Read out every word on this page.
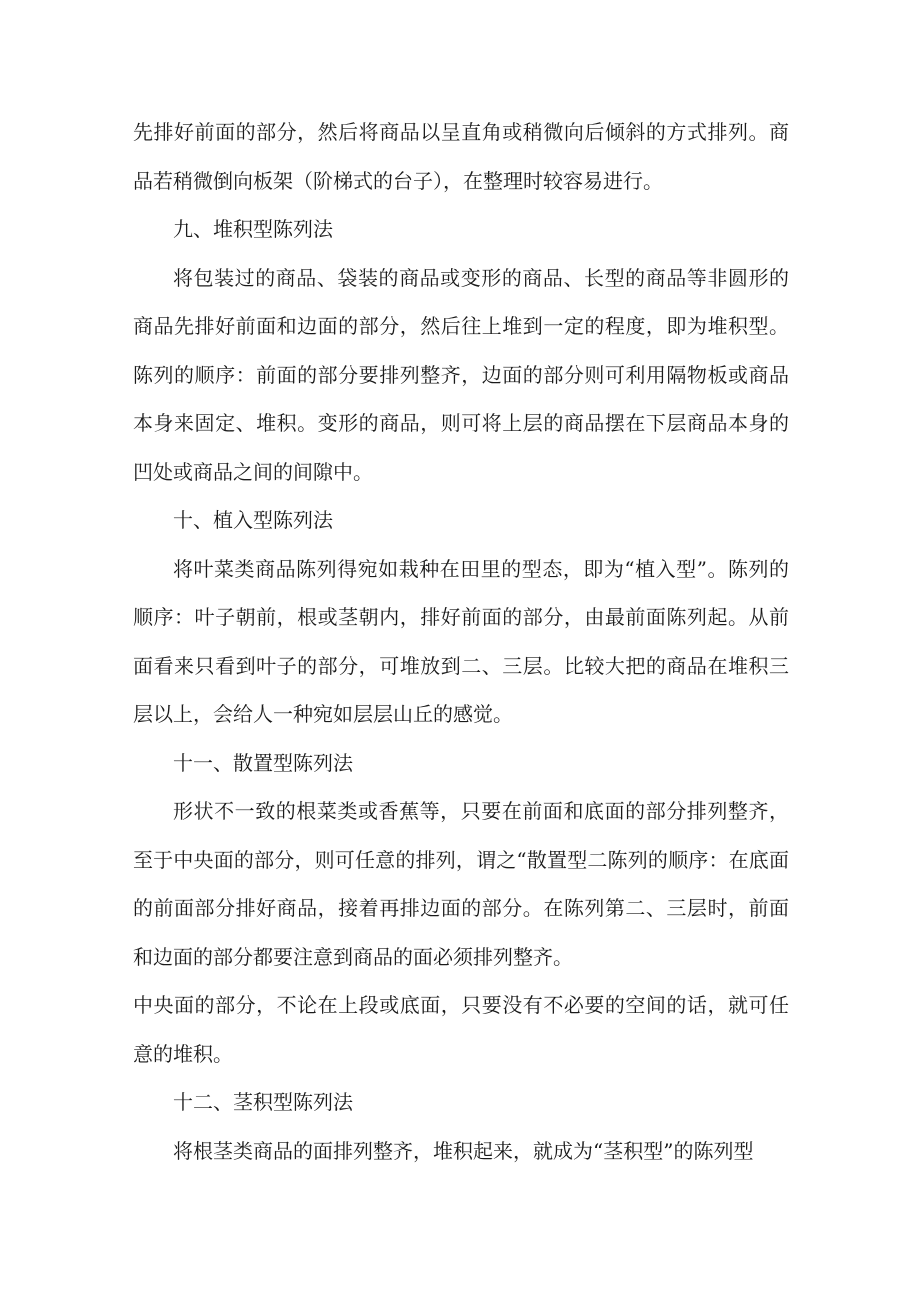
先排好前面的部分，然后将商品以呈直角或稍微向后倾斜的方式排列。商品若稍微倒向板架（阶梯式的台子），在整理时较容易进行。

九、堆积型陈列法

将包装过的商品、袋装的商品或变形的商品、长型的商品等非圆形的商品先排好前面和边面的部分，然后往上堆到一定的程度，即为堆积型。陈列的顺序：前面的部分要排列整齐，边面的部分则可利用隔物板或商品本身来固定、堆积。变形的商品，则可将上层的商品摆在下层商品本身的凹处或商品之间的间隙中。

十、植入型陈列法

将叶菜类商品陈列得宛如栽种在田里的型态，即为“植入型”。陈列的顺序：叶子朝前，根或茎朝内，排好前面的部分，由最前面陈列起。从前面看来只看到叶子的部分，可堆放到二、三层。比较大把的商品在堆积三层以上，会给人一种宛如层层山丘的感觉。

十一、散置型陈列法

形状不一致的根菜类或香蕉等，只要在前面和底面的部分排列整齐，至于中央面的部分，则可任意的排列，谓之“散置型二陈列的顺序：在底面的前面部分排好商品，接着再排边面的部分。在陈列第二、三层时，前面和边面的部分都要注意到商品的面必须排列整齐。

中央面的部分，不论在上段或底面，只要没有不必要的空间的话，就可任意的堆积。

十二、茎积型陈列法

将根茎类商品的面排列整齐，堆积起来，就成为“茎积型”的陈列型
